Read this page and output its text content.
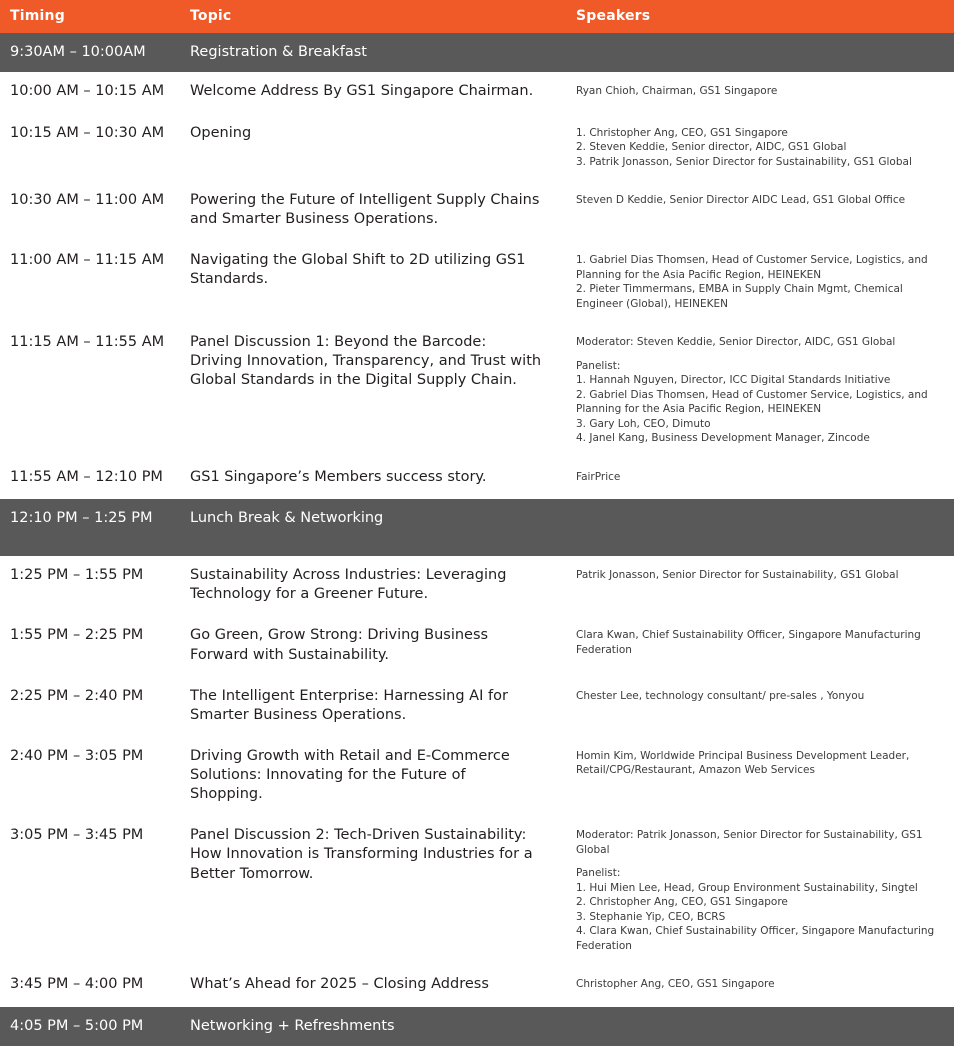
Timing	Topic	Speakers
9:30AM – 10:00AM	Registration & Breakfast	
10:00 AM – 10:15 AM	Welcome Address By GS1 Singapore Chairman.	Ryan Chioh, Chairman, GS1 Singapore

10:15 AM – 10:30 AM	Opening	1. Christopher Ang, CEO, GS1 Singapore
2. Steven Keddie, Senior director, AIDC, GS1 Global
3. Patrik Jonasson, Senior Director for Sustainability, GS1 Global

10:30 AM – 11:00 AM	Powering the Future of Intelligent Supply Chains and Smarter Business Operations.	Steven D Keddie, Senior Director AIDC Lead, GS1 Global Office

11:00 AM – 11:15 AM	Navigating the Global Shift to 2D utilizing GS1 Standards.	1. Gabriel Dias Thomsen, Head of Customer Service, Logistics, and Planning for the Asia Pacific Region, HEINEKEN
2. Pieter Timmermans, EMBA in Supply Chain Mgmt, Chemical Engineer (Global), HEINEKEN

11:15 AM – 11:55 AM	Panel Discussion 1: Beyond the Barcode: Driving Innovation, Transparency, and Trust with Global Standards in the Digital Supply Chain.	
Moderator: Steven Keddie, Senior Director, AIDC, GS1 Global
Panelist:
1. Hannah Nguyen, Director, ICC Digital Standards Initiative
2. Gabriel Dias Thomsen, Head of Customer Service, Logistics, and Planning for the Asia Pacific Region, HEINEKEN
3. Gary Loh, CEO, Dimuto
4. Janel Kang, Business Development Manager, Zincode

11:55 AM – 12:10 PM	GS1 Singapore’s Members success story.	FairPrice

12:10 PM – 1:25 PM	Lunch Break & Networking	
1:25 PM – 1:55 PM	Sustainability Across Industries: Leveraging Technology for a Greener Future.	Patrik Jonasson, Senior Director for Sustainability, GS1 Global

1:55 PM – 2:25 PM	Go Green, Grow Strong: Driving Business Forward with Sustainability.	Clara Kwan, Chief Sustainability Officer, Singapore Manufacturing Federation

2:25 PM – 2:40 PM	The Intelligent Enterprise: Harnessing AI for Smarter Business Operations.	Chester Lee, technology consultant/ pre-sales , Yonyou

2:40 PM – 3:05 PM	Driving Growth with Retail and E-Commerce Solutions: Innovating for the Future of Shopping.	Homin Kim, Worldwide Principal Business Development Leader, Retail/CPG/Restaurant, Amazon Web Services

3:05 PM – 3:45 PM	Panel Discussion 2: Tech-Driven Sustainability: How Innovation is Transforming Industries for a Better Tomorrow.	
Moderator: Patrik Jonasson, Senior Director for Sustainability, GS1 Global
Panelist:
1. Hui Mien Lee, Head, Group Environment Sustainability, Singtel
2. Christopher Ang, CEO, GS1 Singapore
3. Stephanie Yip, CEO, BCRS
4. Clara Kwan, Chief Sustainability Officer, Singapore Manufacturing Federation

3:45 PM – 4:00 PM	What’s Ahead for 2025 – Closing Address	Christopher Ang, CEO, GS1 Singapore

4:05 PM – 5:00 PM	Networking + Refreshments	
